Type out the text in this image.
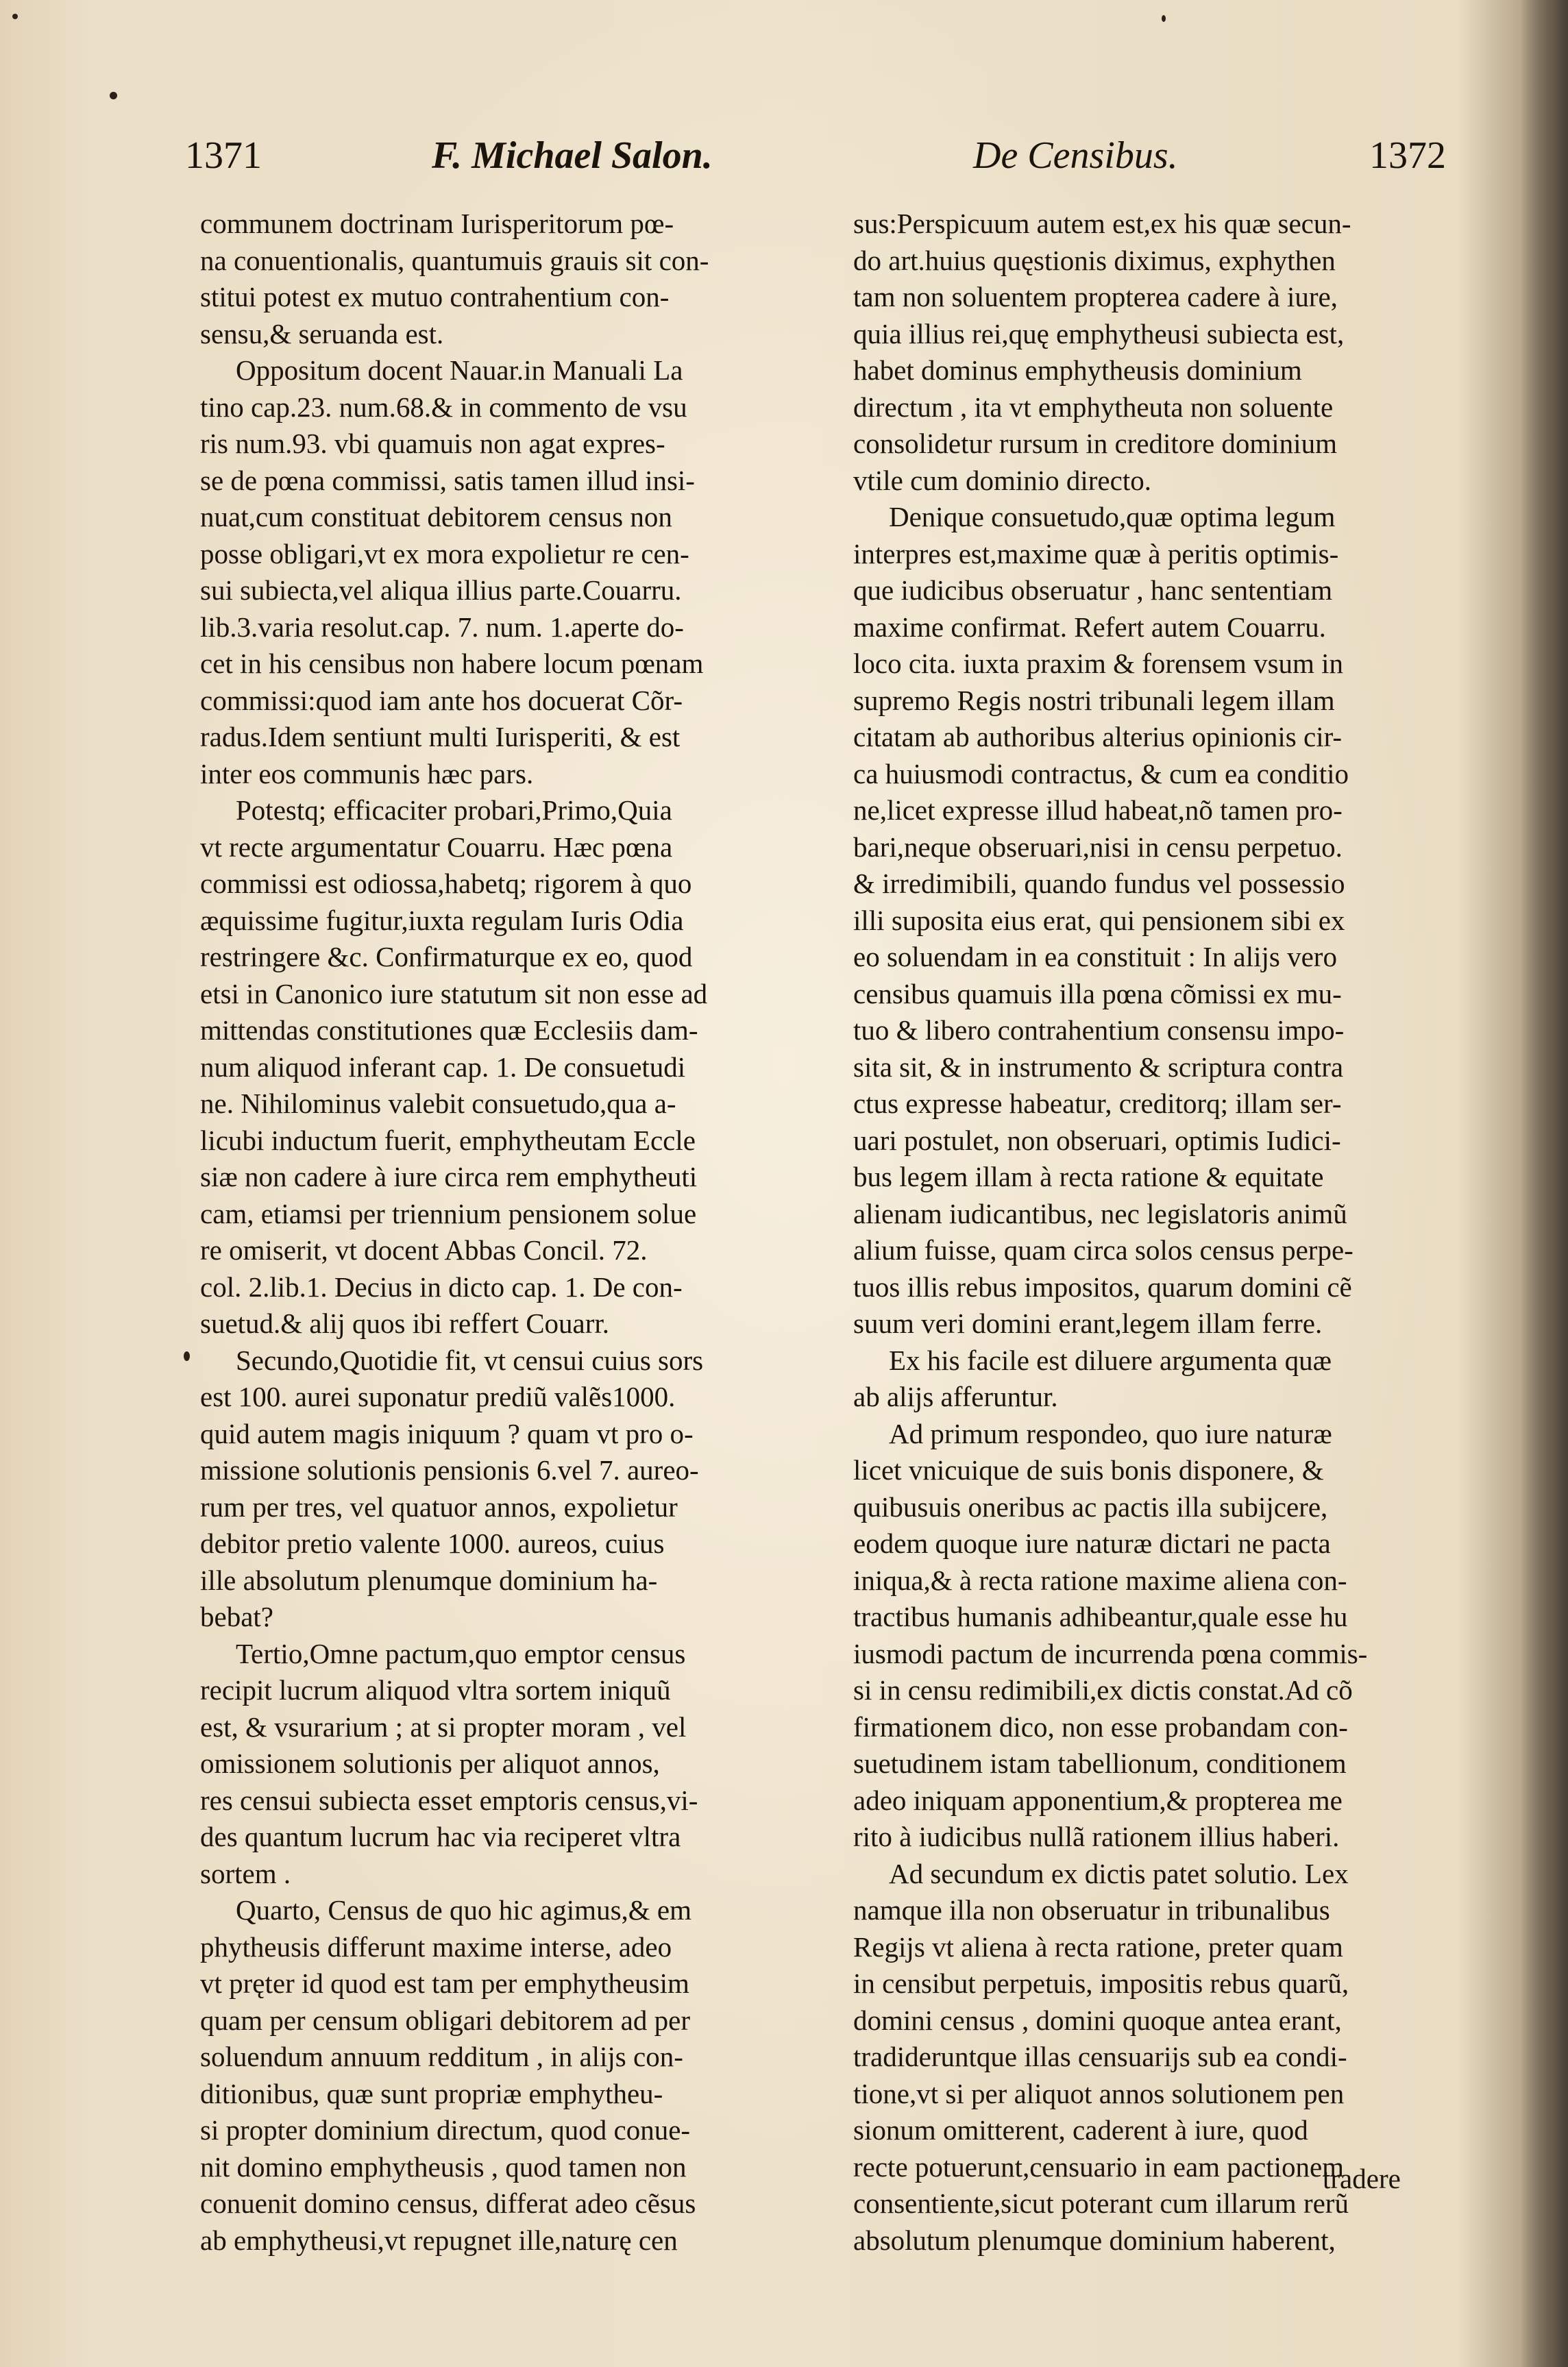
1371	F. Michael Salon.	De Censibus.	1372
communem doctrinam Iurisperitorum pœ-
na conuentionalis, quantumuis grauis sit con-
stitui potest ex mutuo contrahentium con-
sensu,& seruanda est.
Oppositum docent Nauar.in Manuali La
tino cap.23. num.68.& in commento de vsu
ris num.93. vbi quamuis non agat expres-
se de pœna commissi, satis tamen illud insi-
nuat,cum constituat debitorem census non
posse obligari,vt ex mora expolietur re cen-
sui subiecta,vel aliqua illius parte.Couarru.
lib.3.varia resolut.cap. 7. num. 1.aperte do-
cet in his censibus non habere locum pœnam
commissi:quod iam ante hos docuerat Cõr-
radus.Idem sentiunt multi Iurisperiti, & est
inter eos communis hæc pars.
Potestq; efficaciter probari,Primo,Quia
vt recte argumentatur Couarru. Hæc pœna
commissi est odiossa,habetq; rigorem à quo
æquissime fugitur,iuxta regulam Iuris Odia
restringere &c. Confirmaturque ex eo, quod
etsi in Canonico iure statutum sit non esse ad
mittendas constitutiones quæ Ecclesiis dam-
num aliquod inferant cap. 1. De consuetudi
ne. Nihilominus valebit consuetudo,qua a-
licubi inductum fuerit, emphytheutam Eccle
siæ non cadere à iure circa rem emphytheuti
cam, etiamsi per triennium pensionem solue
re omiserit, vt docent Abbas Concil. 72.
col. 2.lib.1. Decius in dicto cap. 1. De con-
suetud.& alij quos ibi reffert Couarr.
Secundo,Quotidie fit, vt censui cuius sors
est 100. aurei suponatur prediũ valẽs1000.
quid autem magis iniquum ? quam vt pro o-
missione solutionis pensionis 6.vel 7. aureo-
rum per tres, vel quatuor annos, expolietur
debitor pretio valente 1000. aureos, cuius
ille absolutum plenumque dominium ha-
bebat?
Tertio,Omne pactum,quo emptor census
recipit lucrum aliquod vltra sortem iniquũ
est, & vsurarium ; at si propter moram , vel
omissionem solutionis per aliquot annos,
res censui subiecta esset emptoris census,vi-
des quantum lucrum hac via reciperet vltra
sortem .
Quarto, Census de quo hic agimus,& em
phytheusis differunt maxime interse, adeo
vt pręter id quod est tam per emphytheusim
quam per censum obligari debitorem ad per
soluendum annuum redditum , in alijs con-
ditionibus, quæ sunt propriæ emphytheu-
si propter dominium directum, quod conue-
nit domino emphytheusis , quod tamen non
conuenit domino census, differat adeo cẽsus
ab emphytheusi,vt repugnet ille,naturę cen
sus:Perspicuum autem est,ex his quæ secun-
do art.huius quęstionis diximus, exphythen
tam non soluentem propterea cadere à iure,
quia illius rei,quę emphytheusi subiecta est,
habet dominus emphytheusis dominium
directum , ita vt emphytheuta non soluente
consolidetur rursum in creditore dominium
vtile cum dominio directo.
Denique consuetudo,quæ optima legum
interpres est,maxime quæ à peritis optimis-
que iudicibus obseruatur , hanc sententiam
maxime confirmat. Refert autem Couarru.
loco cita. iuxta praxim & forensem vsum in
supremo Regis nostri tribunali legem illam
citatam ab authoribus alterius opinionis cir-
ca huiusmodi contractus, & cum ea conditio
ne,licet expresse illud habeat,nõ tamen pro-
bari,neque obseruari,nisi in censu perpetuo.
& irredimibili, quando fundus vel possessio
illi suposita eius erat, qui pensionem sibi ex
eo soluendam in ea constituit : In alijs vero
censibus quamuis illa pœna cõmissi ex mu-
tuo & libero contrahentium consensu impo-
sita sit, & in instrumento & scriptura contra
ctus expresse habeatur, creditorq; illam ser-
uari postulet, non obseruari, optimis Iudici-
bus legem illam à recta ratione & equitate
alienam iudicantibus, nec legislatoris animũ
alium fuisse, quam circa solos census perpe-
tuos illis rebus impositos, quarum domini cẽ
suum veri domini erant,legem illam ferre.
Ex his facile est diluere argumenta quæ
ab alijs afferuntur.
Ad primum respondeo, quo iure naturæ
licet vnicuique de suis bonis disponere, &
quibusuis oneribus ac pactis illa subijcere,
eodem quoque iure naturæ dictari ne pacta
iniqua,& à recta ratione maxime aliena con-
tractibus humanis adhibeantur,quale esse hu
iusmodi pactum de incurrenda pœna commis-
si in censu redimibili,ex dictis constat.Ad cõ
firmationem dico, non esse probandam con-
suetudinem istam tabellionum, conditionem
adeo iniquam apponentium,& propterea me
rito à iudicibus nullã rationem illius haberi.
Ad secundum ex dictis patet solutio. Lex
namque illa non obseruatur in tribunalibus
Regijs vt aliena à recta ratione, preter quam
in censibut perpetuis, impositis rebus quarũ,
domini census , domini quoque antea erant,
tradideruntque illas censuarijs sub ea condi-
tione,vt si per aliquot annos solutionem pen
sionum omitterent, caderent à iure, quod
recte potuerunt,censuario in eam pactionem
consentiente,sicut poterant cum illarum rerũ
absolutum plenumque dominium haberent,
tradere
